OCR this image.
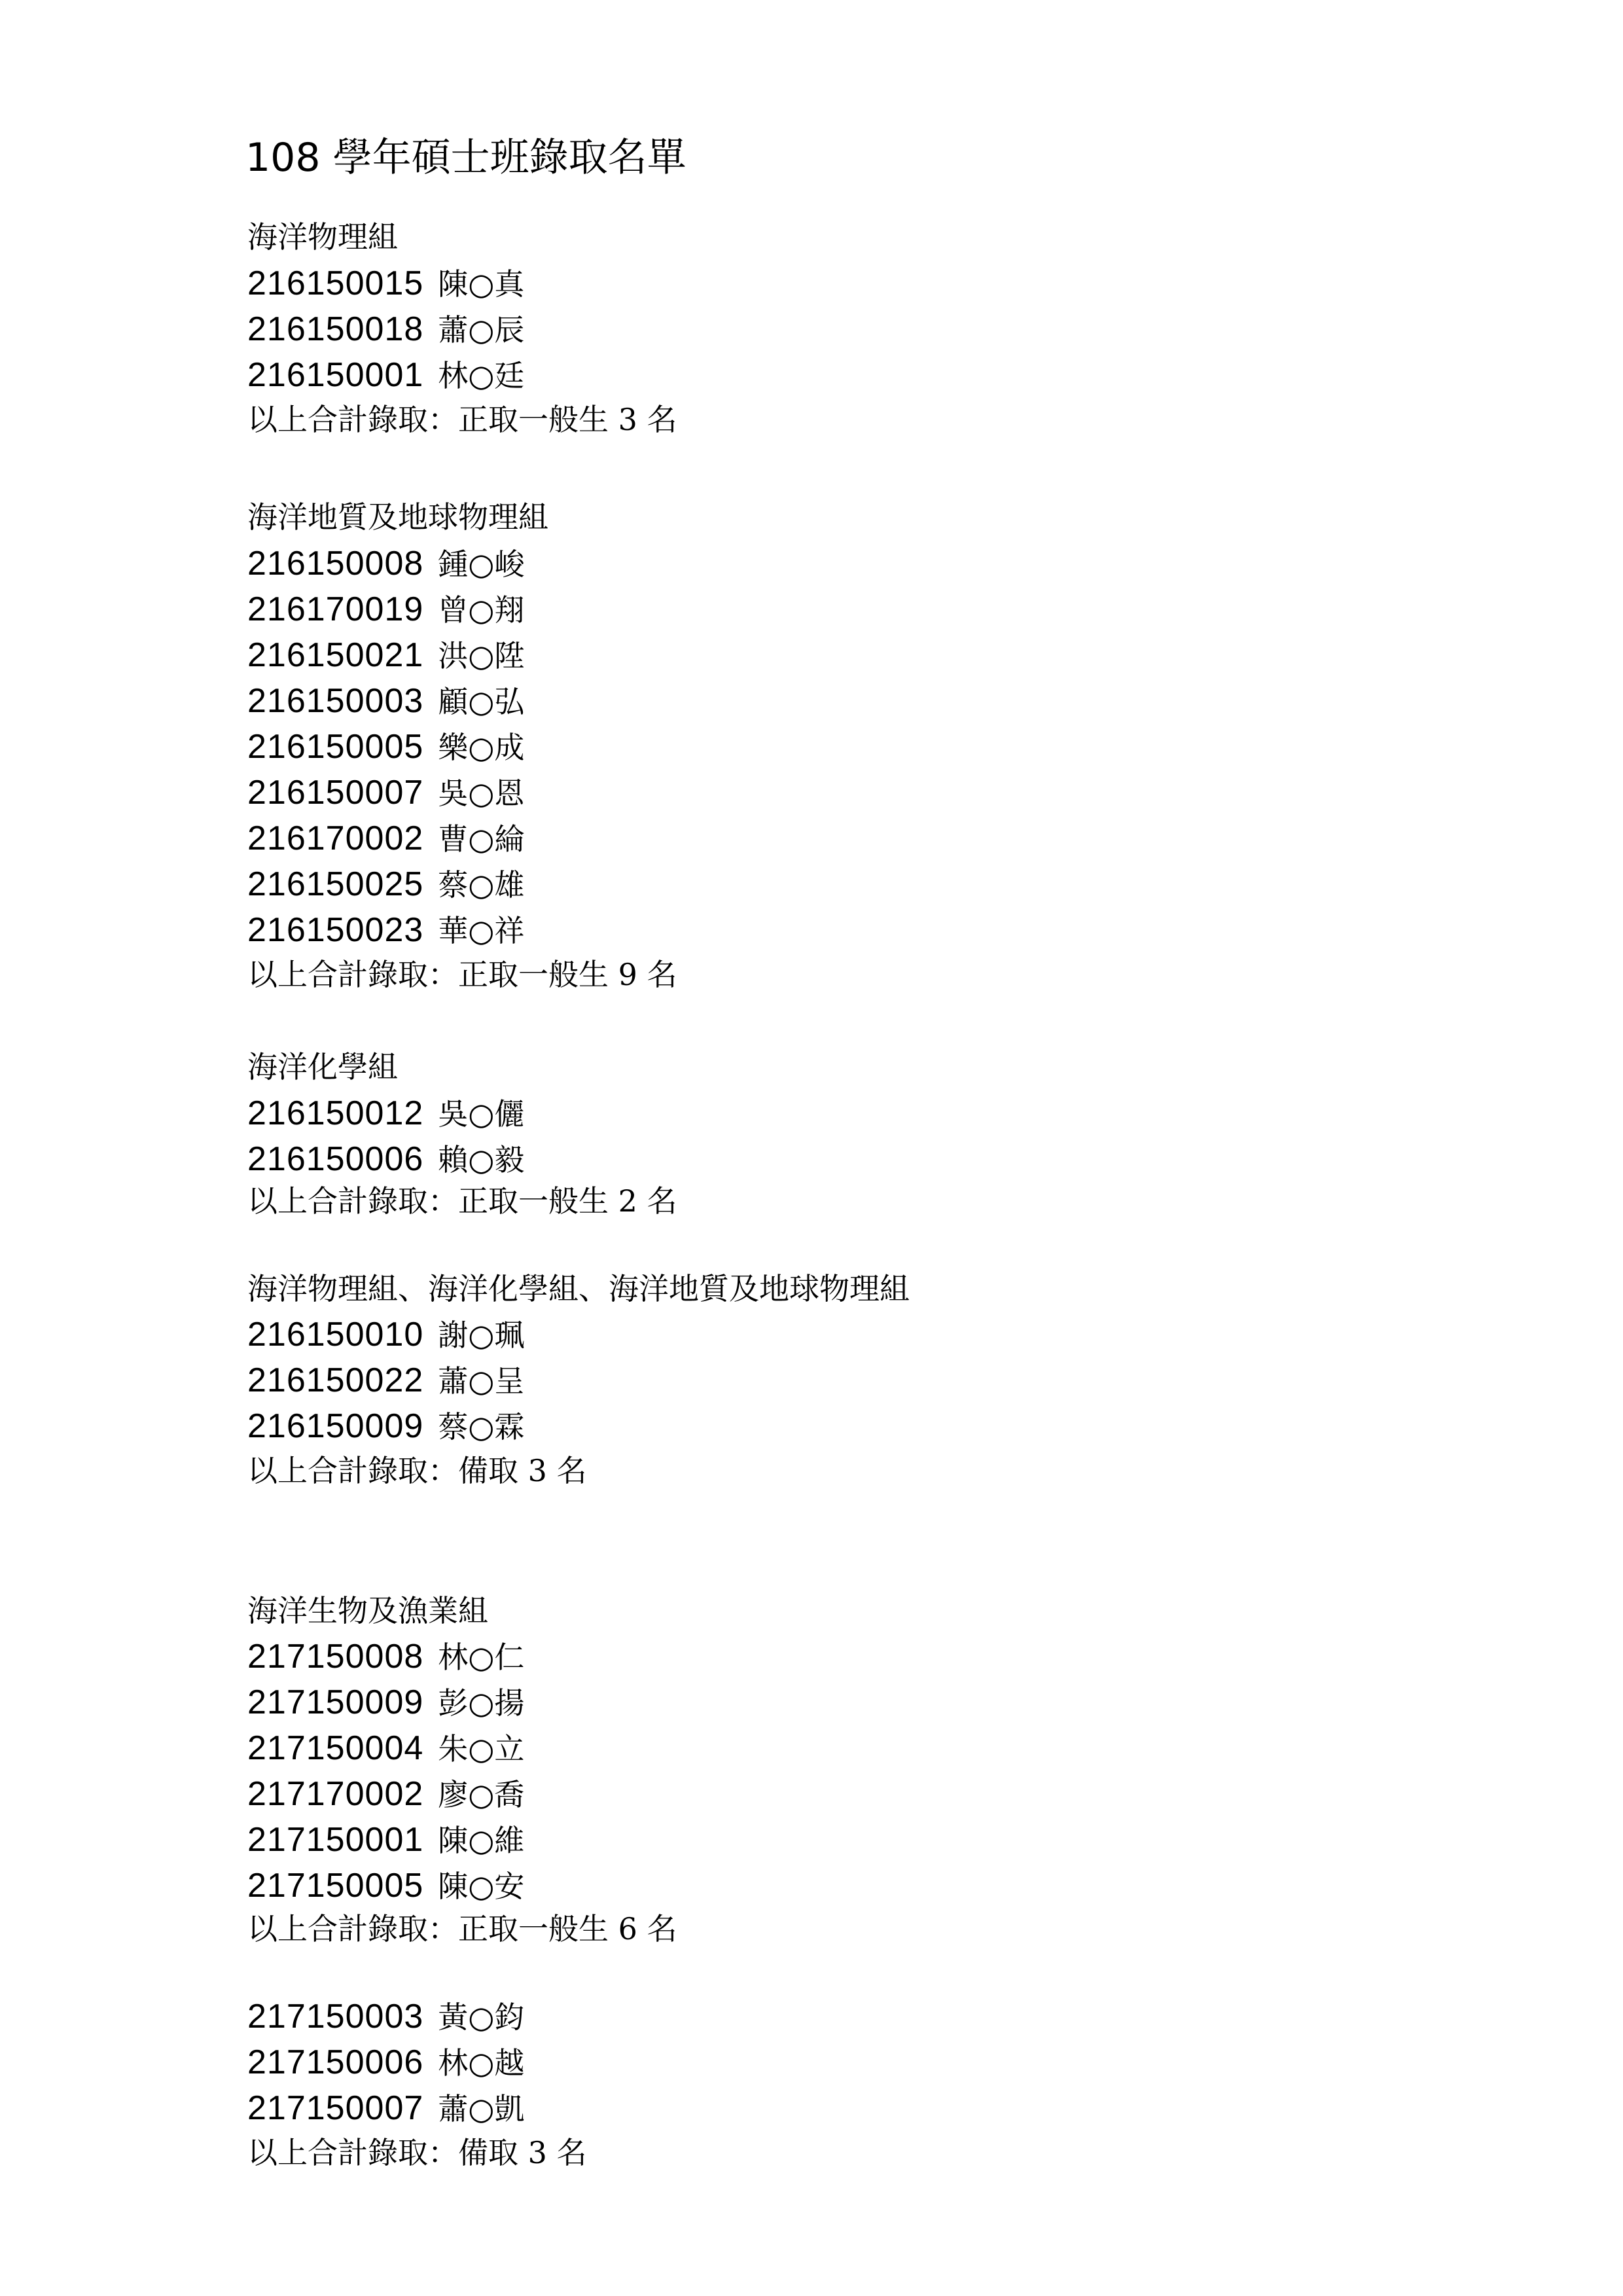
108 學年碩士班錄取名單
海洋物理組
216150015 陳○真
216150018 蕭○辰
216150001 林○廷
以上合計錄取：正取一般生 3 名
海洋地質及地球物理組
216150008 鍾○峻
216170019 曾○翔
216150021 洪○陞
216150003 顧○弘
216150005 樂○成
216150007 吳○恩
216170002 曹○綸
216150025 蔡○雄
216150023 華○祥
以上合計錄取：正取一般生 9 名
海洋化學組
216150012 吳○儷
216150006 賴○毅
以上合計錄取：正取一般生 2 名
海洋物理組、海洋化學組、海洋地質及地球物理組
216150010 謝○珮
216150022 蕭○呈
216150009 蔡○霖
以上合計錄取：備取 3 名
海洋生物及漁業組
217150008 林○仁
217150009 彭○揚
217150004 朱○立
217170002 廖○喬
217150001 陳○維
217150005 陳○安
以上合計錄取：正取一般生 6 名
217150003 黃○鈞
217150006 林○越
217150007 蕭○凱
以上合計錄取：備取 3 名
